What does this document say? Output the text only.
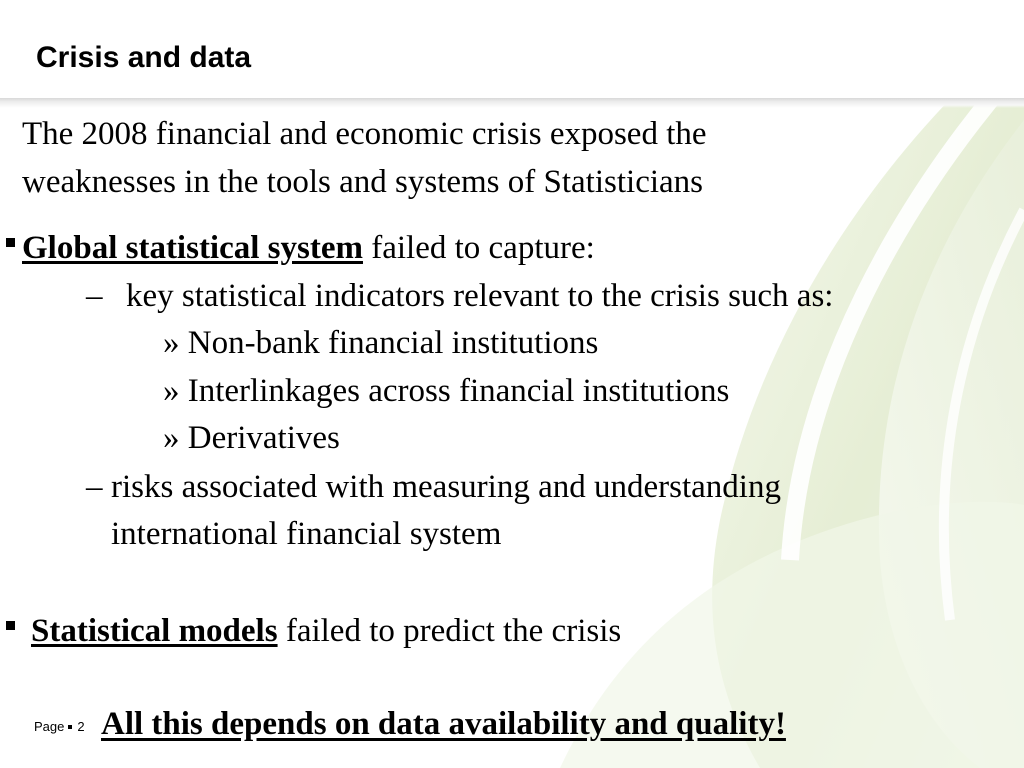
Crisis and data
The 2008 financial and economic crisis exposed the
weaknesses in the tools and systems of Statisticians
Global statistical system failed to capture:
– key statistical indicators relevant to the crisis such as:
» Non-bank financial institutions
» Interlinkages across financial institutions
» Derivatives
– risks associated with measuring and understanding
international financial system
Statistical models failed to predict the crisis
Page 2 All this depends on data availability and quality!
